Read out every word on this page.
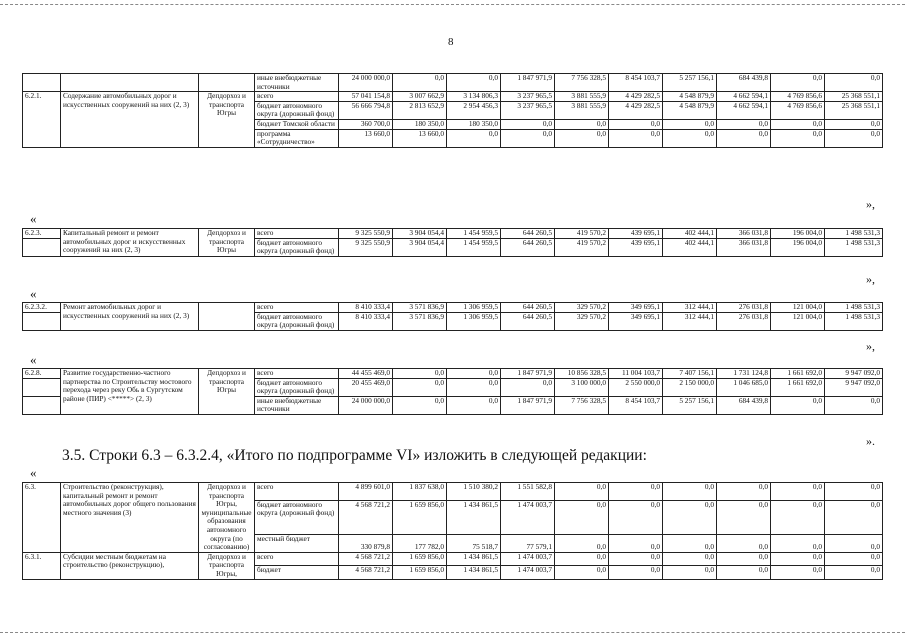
8
			иные внебюджетные источники	24 000 000,0	0,0	0,0	1 847 971,9	7 756 328,5	8 454 103,7	5 257 156,1	684 439,8	0,0	0,0
6.2.1.	Содержание автомобильных дорог и искусственных сооружений на них (2, 3)	Депдорхоз и транспорта Югры	всего	57 041 154,8	3 007 662,9	3 134 806,3	3 237 965,5	3 881 555,9	4 429 282,5	4 548 879,9	4 662 594,1	4 769 856,6	25 368 551,1
			бюджет автономного округа (дорожный фонд)	56 666 794,8	2 813 652,9	2 954 456,3	3 237 965,5	3 881 555,9	4 429 282,5	4 548 879,9	4 662 594,1	4 769 856,6	25 368 551,1
			бюджет Томской области	360 700,0	180 350,0	180 350,0	0,0	0,0	0,0	0,0	0,0	0,0	0,0
			программа «Сотрудничество»	13 660,0	13 660,0	0,0	0,0	0,0	0,0	0,0	0,0	0,0	0,0
»,
«
6.2.3.	Капитальный ремонт и ремонт автомобильных дорог и искусственных сооружений на них (2, 3)	Депдорхоз и транспорта Югры	всего	9 325 550,9	3 904 054,4	1 454 959,5	644 260,5	419 570,2	439 695,1	402 444,1	366 031,8	196 004,0	1 498 531,3
			бюджет автономного округа (дорожный фонд)	9 325 550,9	3 904 054,4	1 454 959,5	644 260,5	419 570,2	439 695,1	402 444,1	366 031,8	196 004,0	1 498 531,3
»,
«
6.2.3.2.	Ремонт автомобильных дорог и искусственных сооружений на них (2, 3)		всего	8 410 333,4	3 571 836,9	1 306 959,5	644 260,5	329 570,2	349 695,1	312 444,1	276 031,8	121 004,0	1 498 531,3
			бюджет автономного округа (дорожный фонд)	8 410 333,4	3 571 836,9	1 306 959,5	644 260,5	329 570,2	349 695,1	312 444,1	276 031,8	121 004,0	1 498 531,3
»,
«
6.2.8.	Развитие государственно-частного партнерства по Строительству мостового перехода через реку Обь в Сургутском районе (ПИР) <*****> (2, 3)	Депдорхоз и транспорта Югры	всего	44 455 469,0	0,0	0,0	1 847 971,9	10 856 328,5	11 004 103,7	7 407 156,1	1 731 124,8	1 661 692,0	9 947 092,0
			бюджет автономного округа (дорожный фонд)	20 455 469,0	0,0	0,0	0,0	3 100 000,0	2 550 000,0	2 150 000,0	1 046 685,0	1 661 692,0	9 947 092,0
			иные внебюджетные источники	24 000 000,0	0,0	0,0	1 847 971,9	7 756 328,5	8 454 103,7	5 257 156,1	684 439,8	0,0	0,0
».
3.5. Строки 6.3 – 6.3.2.4, «Итого по подпрограмме VI» изложить в следующей редакции:
«
6.3.	Строительство (реконструкция), капитальный ремонт и ремонт автомобильных дорог общего пользования местного значения (3)	Депдорхоз и транспорта Югры, муниципальные образования автономного округа (по согласованию)	всего	4 899 601,0	1 837 638,0	1 510 380,2	1 551 582,8	0,0	0,0	0,0	0,0	0,0	0,0
			бюджет автономного округа (дорожный фонд)	4 568 721,2	1 659 856,0	1 434 861,5	1 474 003,7	0,0	0,0	0,0	0,0	0,0	0,0
			местный бюджет	330 879,8	177 782,0	75 518,7	77 579,1	0,0	0,0	0,0	0,0	0,0	0,0
6.3.1.	Субсидии местным бюджетам на строительство (реконструкцию),	Депдорхоз и транспорта Югры,	всего	4 568 721,2	1 659 856,0	1 434 861,5	1 474 003,7	0,0	0,0	0,0	0,0	0,0	0,0
			бюджет	4 568 721,2	1 659 856,0	1 434 861,5	1 474 003,7	0,0	0,0	0,0	0,0	0,0	0,0
